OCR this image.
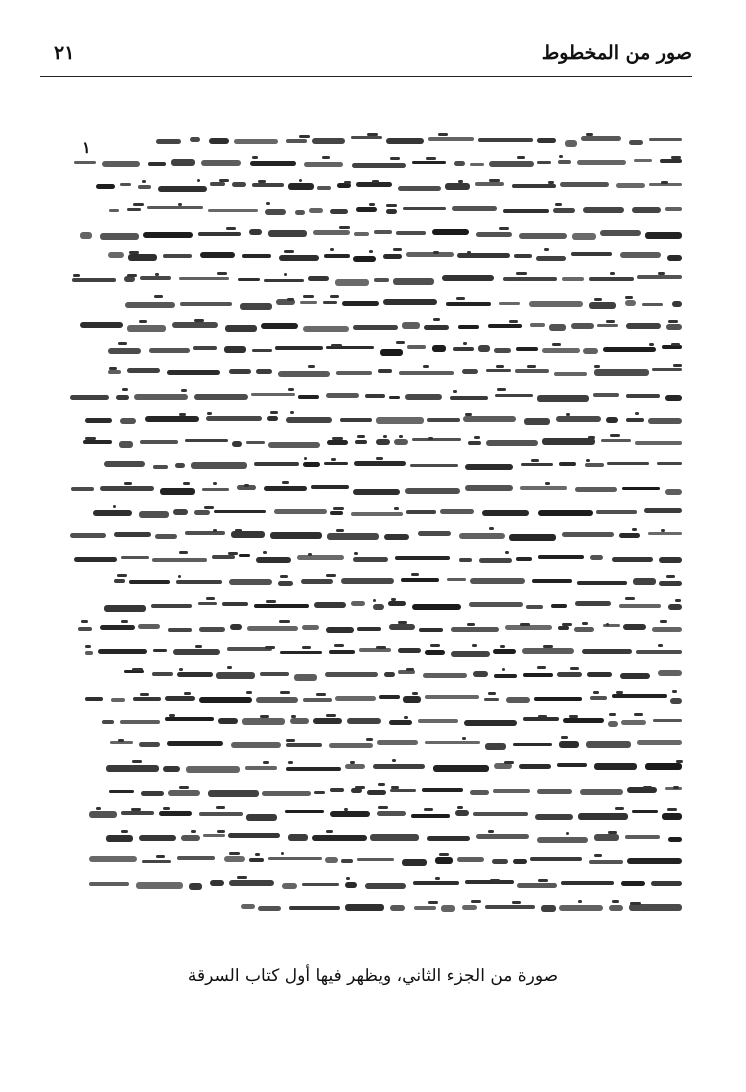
صور من المخطوط
٢١
١
صورة من الجزء الثاني، ويظهر فيها أول كتاب السرقة
